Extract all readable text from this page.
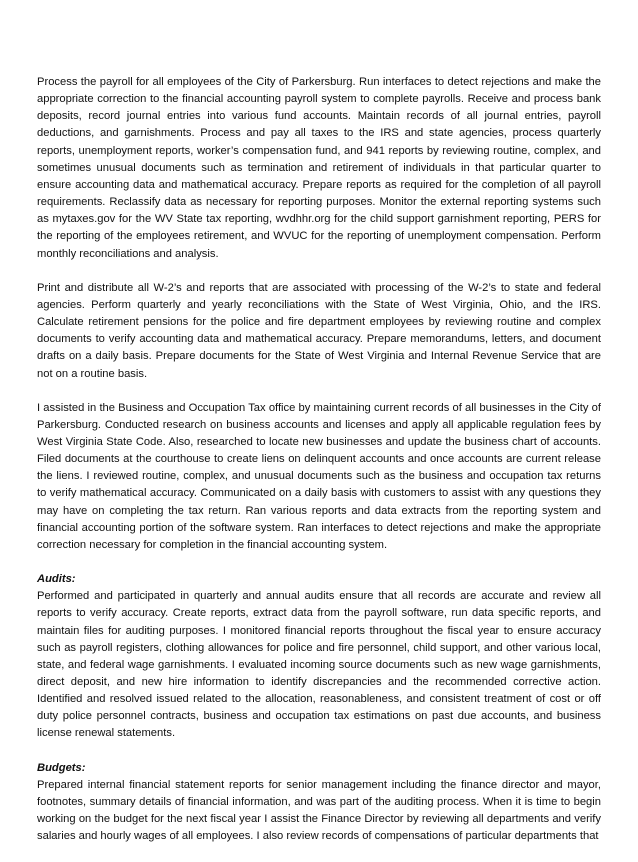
Process the payroll for all employees of the City of Parkersburg. Run interfaces to detect rejections and make the appropriate correction to the financial accounting payroll system to complete payrolls. Receive and process bank deposits, record journal entries into various fund accounts. Maintain records of all journal entries, payroll deductions, and garnishments. Process and pay all taxes to the IRS and state agencies, process quarterly reports, unemployment reports, worker’s compensation fund, and 941 reports by reviewing routine, complex, and sometimes unusual documents such as termination and retirement of individuals in that particular quarter to ensure accounting data and mathematical accuracy. Prepare reports as required for the completion of all payroll requirements. Reclassify data as necessary for reporting purposes. Monitor the external reporting systems such as mytaxes.gov for the WV State tax reporting, wvdhhr.org for the child support garnishment reporting, PERS for the reporting of the employees retirement, and WVUC for the reporting of unemployment compensation. Perform monthly reconciliations and analysis.

Print and distribute all W-2’s and reports that are associated with processing of the W-2’s to state and federal agencies. Perform quarterly and yearly reconciliations with the State of West Virginia, Ohio, and the IRS. Calculate retirement pensions for the police and fire department employees by reviewing routine and complex documents to verify accounting data and mathematical accuracy. Prepare memorandums, letters, and document drafts on a daily basis. Prepare documents for the State of West Virginia and Internal Revenue Service that are not on a routine basis.

I assisted in the Business and Occupation Tax office by maintaining current records of all businesses in the City of Parkersburg. Conducted research on business accounts and licenses and apply all applicable regulation fees by West Virginia State Code. Also, researched to locate new businesses and update the business chart of accounts. Filed documents at the courthouse to create liens on delinquent accounts and once accounts are current release the liens. I reviewed routine, complex, and unusual documents such as the business and occupation tax returns to verify mathematical accuracy. Communicated on a daily basis with customers to assist with any questions they may have on completing the tax return. Ran various reports and data extracts from the reporting system and financial accounting portion of the software system. Ran interfaces to detect rejections and make the appropriate correction necessary for completion in the financial accounting system.

Audits:

Performed and participated in quarterly and annual audits ensure that all records are accurate and review all reports to verify accuracy. Create reports, extract data from the payroll software, run data specific reports, and maintain files for auditing purposes. I monitored financial reports throughout the fiscal year to ensure accuracy such as payroll registers, clothing allowances for police and fire personnel, child support, and other various local, state, and federal wage garnishments. I evaluated incoming source documents such as new wage garnishments, direct deposit, and new hire information to identify discrepancies and the recommended corrective action. Identified and resolved issued related to the allocation, reasonableness, and consistent treatment of cost or off duty police personnel contracts, business and occupation tax estimations on past due accounts, and business license renewal statements.

Budgets:

Prepared internal financial statement reports for senior management including the finance director and mayor, footnotes, summary details of financial information, and was part of the auditing process. When it is time to begin working on the budget for the next fiscal year I assist the Finance Director by reviewing all departments and verify salaries and hourly wages of all employees. I also review records of compensations of particular departments that
